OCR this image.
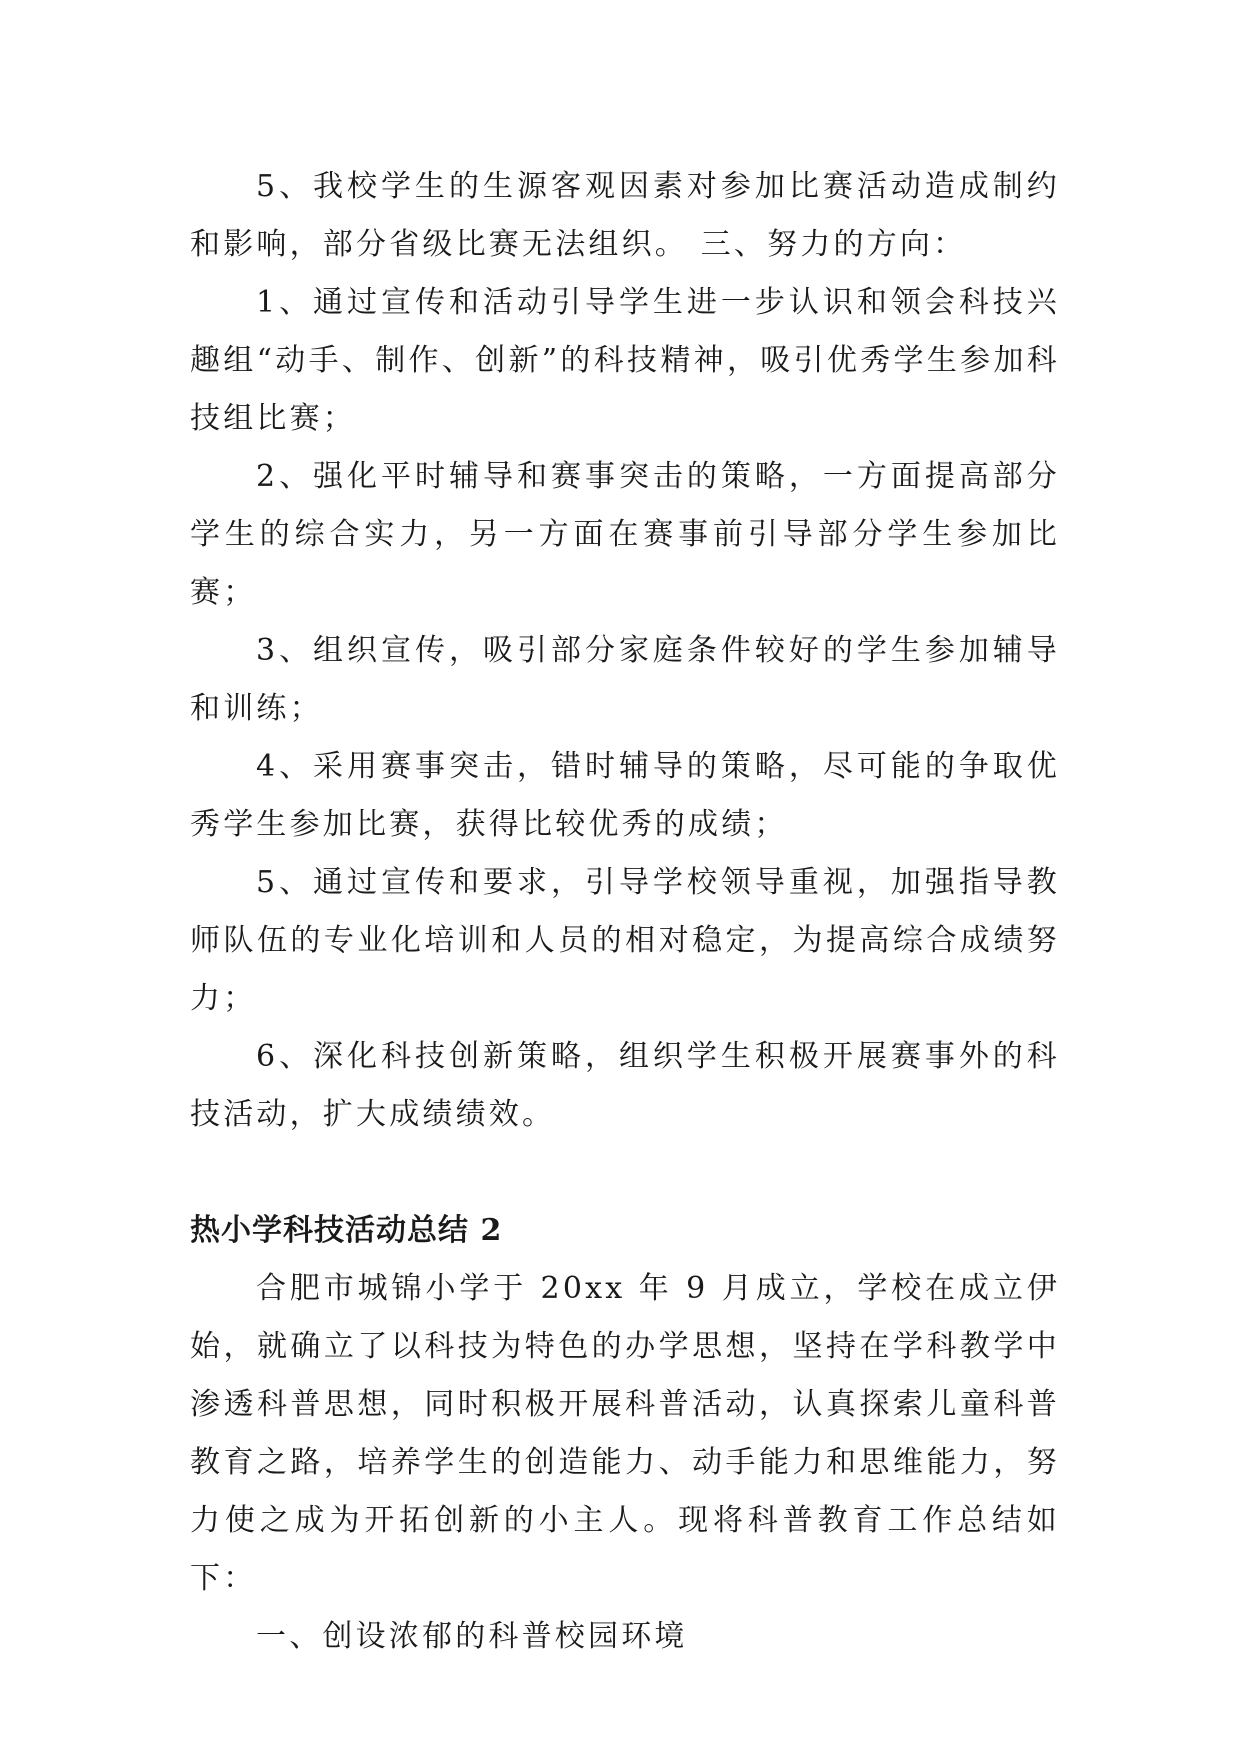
5、我校学生的生源客观因素对参加比赛活动造成制约和影响，部分省级比赛无法组织。 三、努力的方向：

1、通过宣传和活动引导学生进一步认识和领会科技兴趣组“动手、制作、创新”的科技精神，吸引优秀学生参加科技组比赛；

2、强化平时辅导和赛事突击的策略，一方面提高部分学生的综合实力，另一方面在赛事前引导部分学生参加比赛；

3、组织宣传，吸引部分家庭条件较好的学生参加辅导和训练；

4、采用赛事突击，错时辅导的策略，尽可能的争取优秀学生参加比赛，获得比较优秀的成绩；

5、通过宣传和要求，引导学校领导重视，加强指导教师队伍的专业化培训和人员的相对稳定，为提高综合成绩努力；

6、深化科技创新策略，组织学生积极开展赛事外的科技活动，扩大成绩绩效。

热小学科技活动总结 2

合肥市城锦小学于 20xx 年 9 月成立，学校在成立伊始，就确立了以科技为特色的办学思想，坚持在学科教学中渗透科普思想，同时积极开展科普活动，认真探索儿童科普教育之路，培养学生的创造能力、动手能力和思维能力，努力使之成为开拓创新的小主人。现将科普教育工作总结如下：

一、创设浓郁的科普校园环境
